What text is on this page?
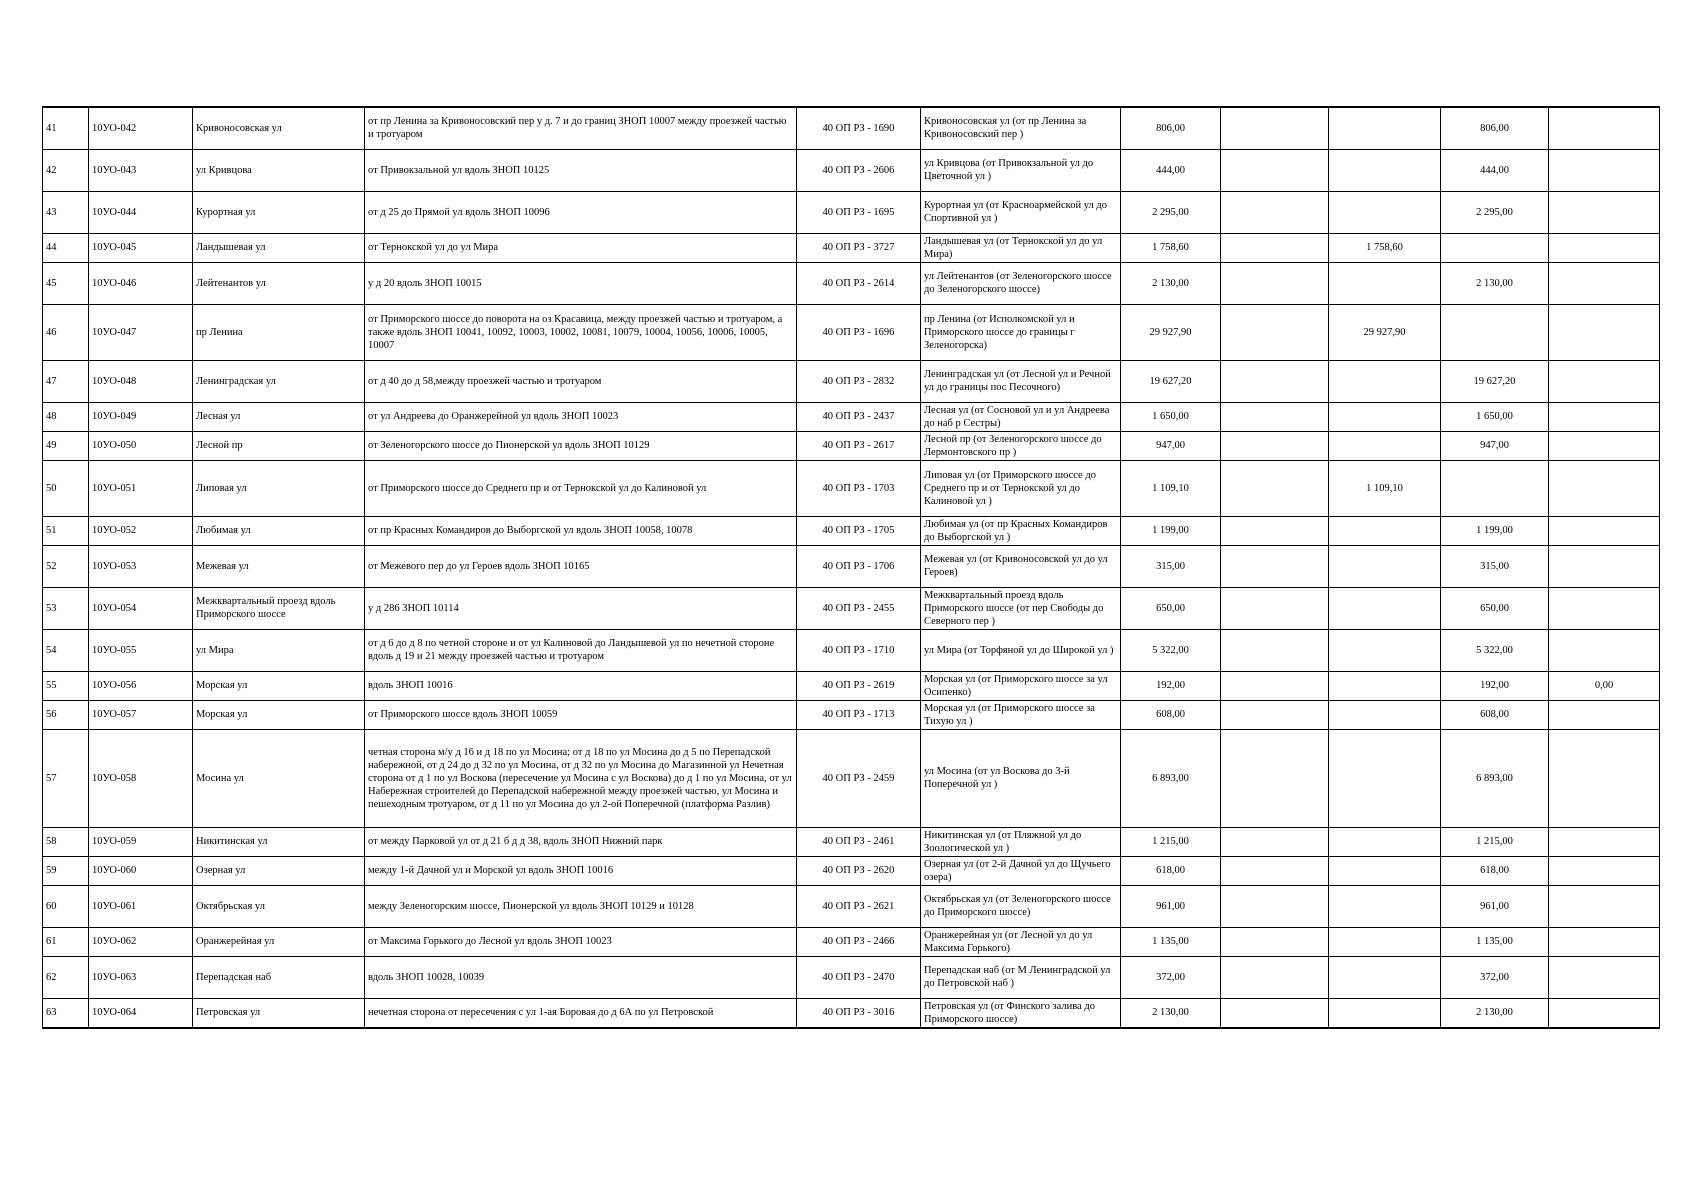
41	10УО-042	Кривоносовская ул	от пр Ленина за Кривоносовский пер у д. 7 и до границ ЗНОП 10007 между проезжей частью и тротуаром	40 ОП РЗ - 1690	Кривоносовская ул (от пр Ленина за Кривоносовский пер )	806,00			806,00	
42	10УО-043	ул Кривцова	от Привокзальной ул вдоль ЗНОП 10125	40 ОП РЗ - 2606	ул Кривцова (от Привокзальной ул до Цветочной ул )	444,00			444,00	
43	10УО-044	Курортная ул	от д 25 до Прямой ул вдоль ЗНОП 10096	40 ОП РЗ - 1695	Курортная ул (от Красноармейской ул до Спортивной ул )	2 295,00			2 295,00	
44	10УО-045	Ландышевая ул	от Тернокской ул до ул Мира	40 ОП РЗ - 3727	Ландышевая ул (от Тернокской ул до ул Мира)	1 758,60		1 758,60		
45	10УО-046	Лейтенантов ул	у д 20 вдоль ЗНОП 10015	40 ОП РЗ - 2614	ул Лейтенантов (от Зеленогорского шоссе до Зеленогорского шоссе)	2 130,00			2 130,00	
46	10УО-047	пр Ленина	от Приморского шоссе до поворота на оз Красавица, между проезжей частью и тротуаром, а также вдоль ЗНОП 10041, 10092, 10003, 10002, 10081, 10079, 10004, 10056, 10006, 10005, 10007	40 ОП РЗ - 1696	пр Ленина (от Исполкомской ул и Приморского шоссе до границы г Зеленогорска)	29 927,90		29 927,90		
47	10УО-048	Ленинградская ул	от д 40 до д 58,между проезжей частью и тротуаром	40 ОП РЗ - 2832	Ленинградская ул (от Лесной ул и Речной ул до границы пос Песочного)	19 627,20			19 627,20	
48	10УО-049	Лесная ул	от ул Андреева до Оранжерейной ул вдоль ЗНОП 10023	40 ОП РЗ - 2437	Лесная ул (от Сосновой ул и ул Андреева до наб р Сестры)	1 650,00			1 650,00	
49	10УО-050	Лесной пр	от Зеленогорского шоссе до Пионерской ул вдоль ЗНОП 10129	40 ОП РЗ - 2617	Лесной пр (от Зеленогорского шоссе до Лермонтовского пр )	947,00			947,00	
50	10УО-051	Липовая ул	от Приморского шоссе до Среднего пр и от Тернокской ул до Калиновой ул	40 ОП РЗ - 1703	Липовая ул (от Приморского шоссе до Среднего пр и от Тернокской ул до Калиновой ул )	1 109,10		1 109,10		
51	10УО-052	Любимая ул	от пр Красных Командиров до Выборгской ул вдоль ЗНОП 10058, 10078	40 ОП РЗ - 1705	Любимая ул (от пр Красных Командиров до Выборгской ул )	1 199,00			1 199,00	
52	10УО-053	Межевая ул	от Межевого пер до ул Героев вдоль ЗНОП 10165	40 ОП РЗ - 1706	Межевая ул (от Кривоносовской ул до ул Героев)	315,00			315,00	
53	10УО-054	Межквартальный проезд вдоль Приморского шоссе	у д 286 ЗНОП 10114	40 ОП РЗ - 2455	Межквартальный проезд вдоль Приморского шоссе (от пер Свободы до Северного пер )	650,00			650,00	
54	10УО-055	ул Мира	от д 6 до д 8 по четной стороне и от ул Калиновой до Ландышевой ул по нечетной стороне вдоль д 19 и 21 между проезжей частью и тротуаром	40 ОП РЗ - 1710	ул Мира (от Торфяной ул до Широкой ул )	5 322,00			5 322,00	
55	10УО-056	Морская ул	вдоль ЗНОП 10016	40 ОП РЗ - 2619	Морская ул (от Приморского шоссе за ул Осипенко)	192,00			192,00	0,00
56	10УО-057	Морская ул	от Приморского шоссе вдоль ЗНОП 10059	40 ОП РЗ - 1713	Морская ул (от Приморского шоссе за Тихую ул )	608,00			608,00	
57	10УО-058	Мосина ул	четная сторона м/у д 16 и д 18 по ул Мосина; от д 18 по ул Мосина до д 5 по Перепадской набережной, от д 24 до д 32 по ул Мосина, от д 32 по ул Мосина до Магазинной ул Нечетная сторона от д 1 по ул Воскова (пересечение ул Мосина с ул Воскова) до д 1 по ул Мосина, от ул Набережная строителей до Перепадской набережной между проезжей частью, ул Мосина и пешеходным тротуаром, от д 11 по ул Мосина до ул 2-ой Поперечной (платформа Разлив)	40 ОП РЗ - 2459	ул Мосина (от ул Воскова до 3-й Поперечной ул )	6 893,00			6 893,00	
58	10УО-059	Никитинская ул	от между Парковой ул от д 21 б д д 38, вдоль ЗНОП Нижний парк	40 ОП РЗ - 2461	Никитинская ул (от Пляжной ул до Зоологической ул )	1 215,00			1 215,00	
59	10УО-060	Озерная ул	между 1-й Дачной ул и Морской ул вдоль ЗНОП 10016	40 ОП РЗ - 2620	Озерная ул (от 2-й Дачной ул до Щучьего озера)	618,00			618,00	
60	10УО-061	Октябрьская ул	между Зеленогорским шоссе, Пионерской ул вдоль ЗНОП 10129 и 10128	40 ОП РЗ - 2621	Октябрьская ул (от Зеленогорского шоссе до Приморского шоссе)	961,00			961,00	
61	10УО-062	Оранжерейная ул	от Максима Горького до Лесной ул вдоль ЗНОП 10023	40 ОП РЗ - 2466	Оранжерейная ул (от Лесной ул до ул Максима Горького)	1 135,00			1 135,00	
62	10УО-063	Перепадская наб	вдоль ЗНОП 10028, 10039	40 ОП РЗ - 2470	Перепадская наб (от М Ленинградской ул до Петровской наб )	372,00			372,00	
63	10УО-064	Петровская ул	нечетная сторона от пересечения с ул 1-ая Боровая до д 6А по ул Петровской	40 ОП РЗ - 3016	Петровская ул (от Финского залива до Приморского шоссе)	2 130,00			2 130,00	
